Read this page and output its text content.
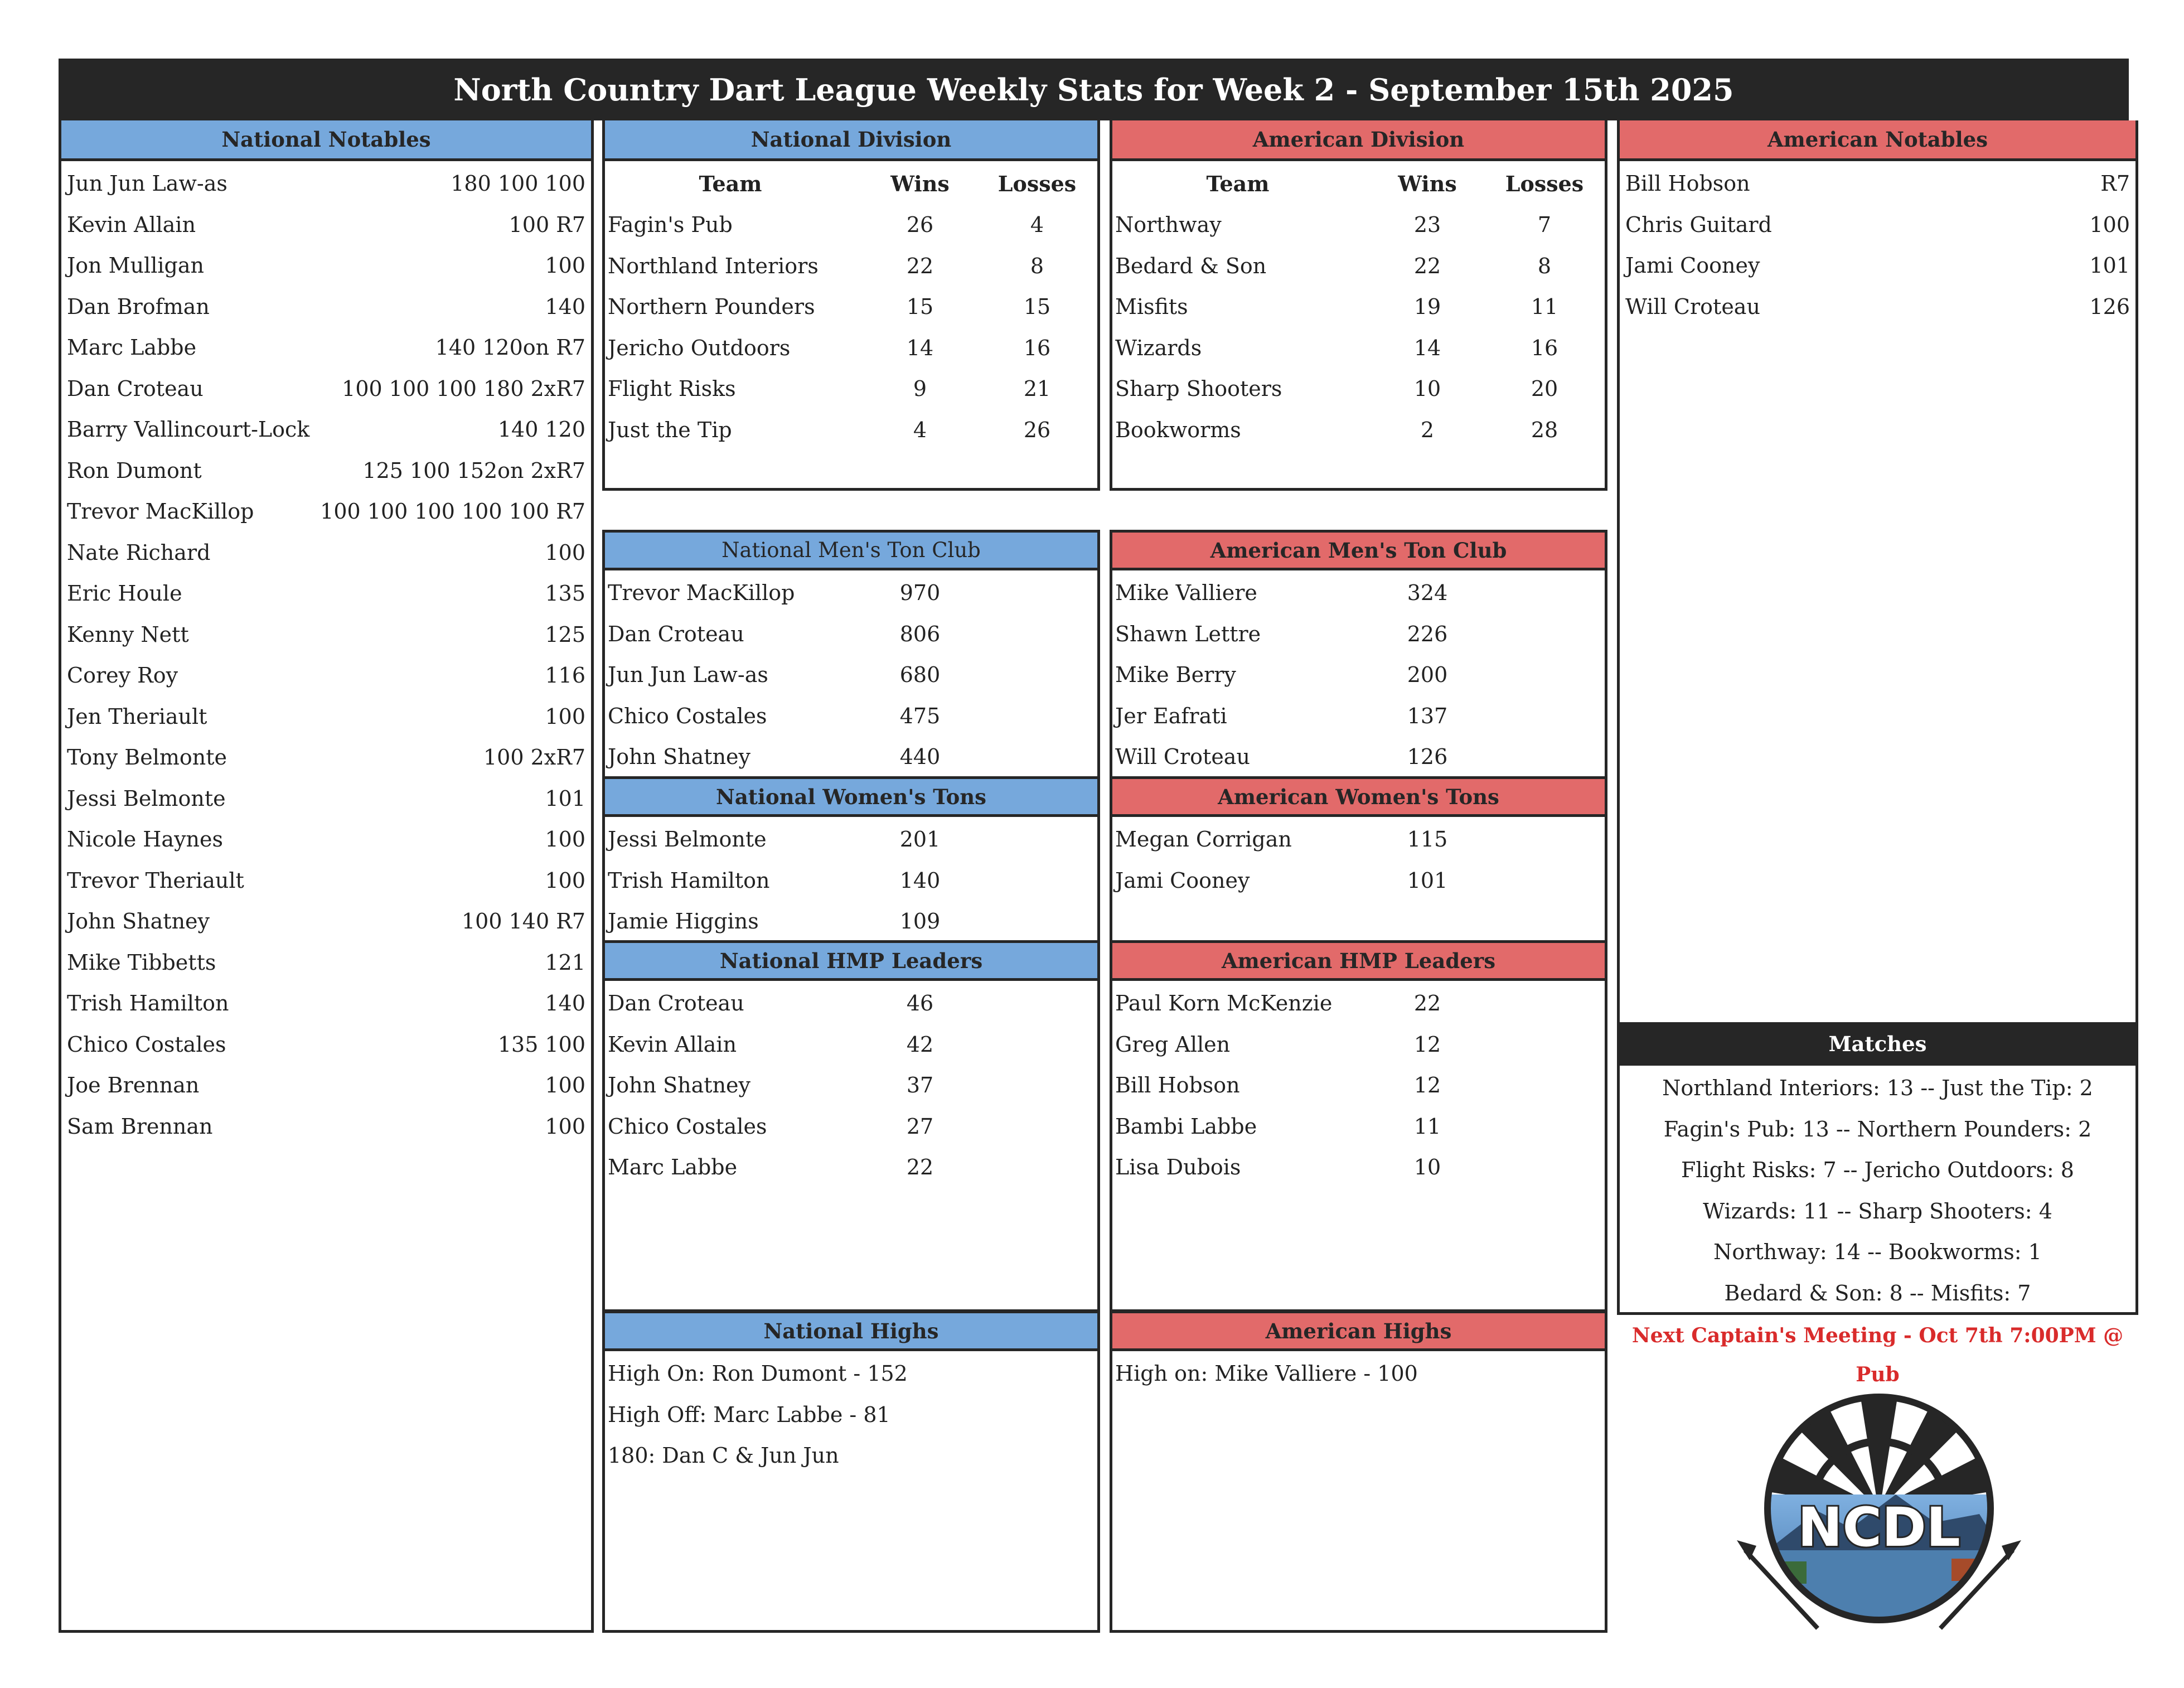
North Country Dart League Weekly Stats for Week 2 - September 15th 2025
National Notables
Jun Jun Law-as	180 100 100
Kevin Allain	100 R7
Jon Mulligan	100
Dan Brofman	140
Marc Labbe	140 120on R7
Dan Croteau	100 100 100 180 2xR7
Barry Vallincourt-Lock	140 120
Ron Dumont	125 100 152on 2xR7
Trevor MacKillop	100 100 100 100 100 R7
Nate Richard	100
Eric Houle	135
Kenny Nett	125
Corey Roy	116
Jen Theriault	100
Tony Belmonte	100 2xR7
Jessi Belmonte	101
Nicole Haynes	100
Trevor Theriault	100
John Shatney	100 140 R7
Mike Tibbetts	121
Trish Hamilton	140
Chico Costales	135 100
Joe Brennan	100
Sam Brennan	100
National Division
Team	Wins	Losses
Fagin's Pub	26	4
Northland Interiors	22	8
Northern Pounders	15	15
Jericho Outdoors	14	16
Flight Risks	9	21
Just the Tip	4	26
American Division
Team	Wins	Losses
Northway	23	7
Bedard & Son	22	8
Misfits	19	11
Wizards	14	16
Sharp Shooters	10	20
Bookworms	2	28
American Notables
Bill Hobson	R7
Chris Guitard	100
Jami Cooney	101
Will Croteau	126
Matches
Northland Interiors: 13 -- Just the Tip: 2
Fagin's Pub: 13 -- Northern Pounders: 2
Flight Risks: 7 -- Jericho Outdoors: 8
Wizards: 11 -- Sharp Shooters: 4
Northway: 14 -- Bookworms: 1
Bedard & Son: 8 -- Misfits: 7
Next Captain's Meeting - Oct 7th 7:00PM @ Pub
NCDL
National Men's Ton Club
Trevor MacKillop	970
Dan Croteau	806
Jun Jun Law-as	680
Chico Costales	475
John Shatney	440
National Women's Tons
Jessi Belmonte	201
Trish Hamilton	140
Jamie Higgins	109
National HMP Leaders
Dan Croteau	46
Kevin Allain	42
John Shatney	37
Chico Costales	27
Marc Labbe	22
National Highs
High On: Ron Dumont - 152
High Off: Marc Labbe - 81
180: Dan C & Jun Jun
American Men's Ton Club
Mike Valliere	324
Shawn Lettre	226
Mike Berry	200
Jer Eafrati	137
Will Croteau	126
American Women's Tons
Megan Corrigan	115
Jami Cooney	101
American HMP Leaders
Paul Korn McKenzie	22
Greg Allen	12
Bill Hobson	12
Bambi Labbe	11
Lisa Dubois	10
American Highs
High on: Mike Valliere - 100
